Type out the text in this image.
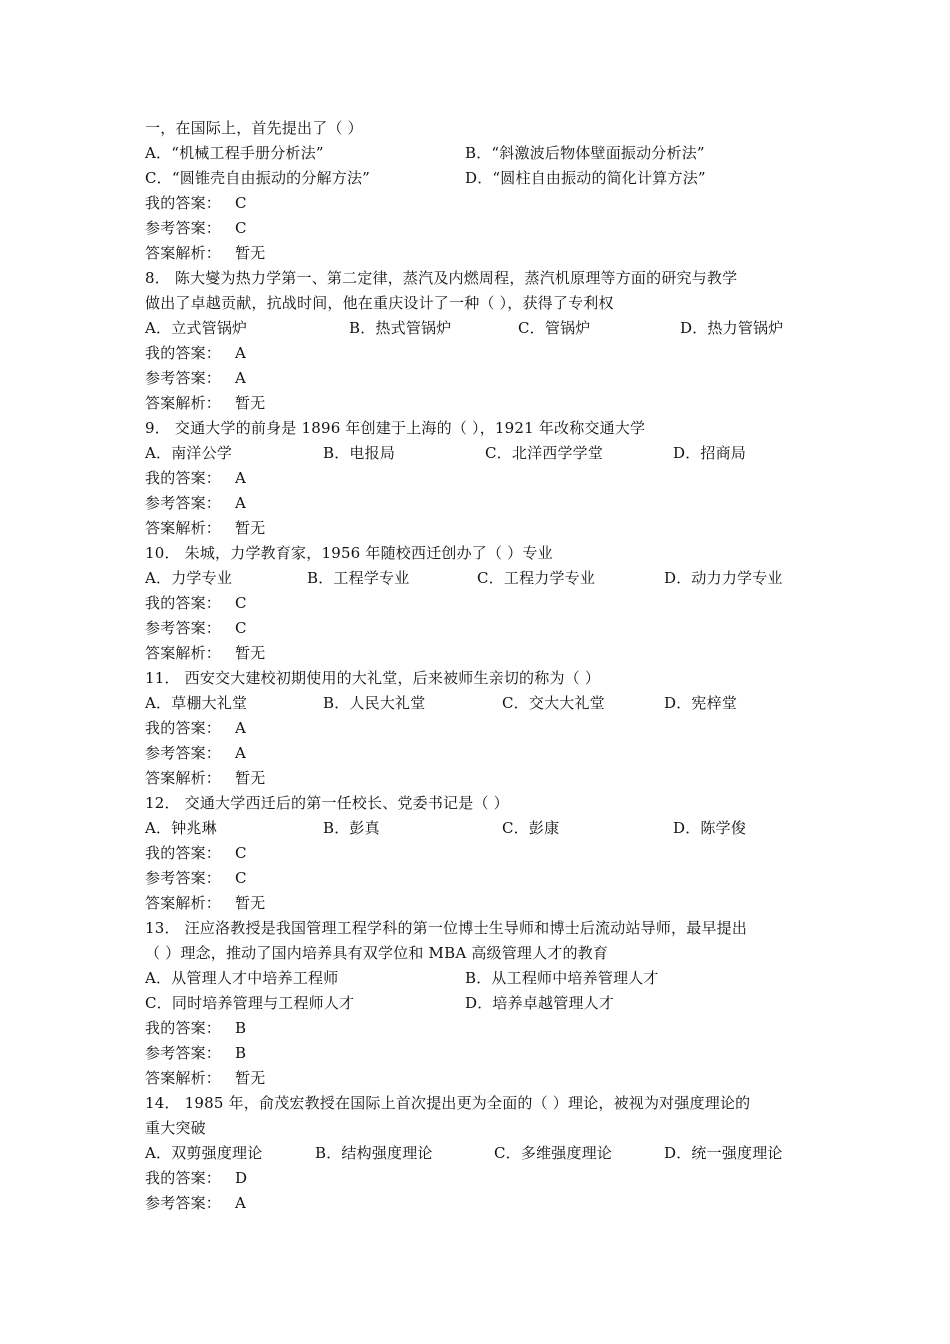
一，在国际上，首先提出了（ ）
A．“机械工程手册分析法”	B．“斜激波后物体壁面振动分析法”
C．“圆锥壳自由振动的分解方法”	D．“圆柱自由振动的简化计算方法”
我的答案： C
参考答案： C
答案解析： 暂无
8． 陈大燮为热力学第一、第二定律，蒸汽及内燃周程，蒸汽机原理等方面的研究与教学
做出了卓越贡献，抗战时间，他在重庆设计了一种（ ），获得了专利权
A．立式管锅炉	B．热式管锅炉	C．管锅炉	D．热力管锅炉
我的答案： A
参考答案： A
答案解析： 暂无
9． 交通大学的前身是 1896 年创建于上海的（ ），1921 年改称交通大学
A．南洋公学	B．电报局	C．北洋西学学堂	D．招商局
我的答案： A
参考答案： A
答案解析： 暂无
10． 朱城，力学教育家，1956 年随校西迁创办了（ ）专业
A．力学专业	B．工程学专业	C．工程力学专业	D．动力力学专业
我的答案： C
参考答案： C
答案解析： 暂无
11． 西安交大建校初期使用的大礼堂，后来被师生亲切的称为（ ）
A．草棚大礼堂	B．人民大礼堂	C．交大大礼堂	D．宪梓堂
我的答案： A
参考答案： A
答案解析： 暂无
12． 交通大学西迁后的第一任校长、党委书记是（ ）
A．钟兆琳	B．彭真	C．彭康	D．陈学俊
我的答案： C
参考答案： C
答案解析： 暂无
13． 汪应洛教授是我国管理工程学科的第一位博士生导师和博士后流动站导师，最早提出
（ ）理念，推动了国内培养具有双学位和 MBA 高级管理人才的教育
A．从管理人才中培养工程师	B．从工程师中培养管理人才
C．同时培养管理与工程师人才	D．培养卓越管理人才
我的答案： B
参考答案： B
答案解析： 暂无
14． 1985 年，俞茂宏教授在国际上首次提出更为全面的（ ）理论，被视为对强度理论的
重大突破
A．双剪强度理论	B．结构强度理论	C．多维强度理论	D．统一强度理论
我的答案： D
参考答案： A
